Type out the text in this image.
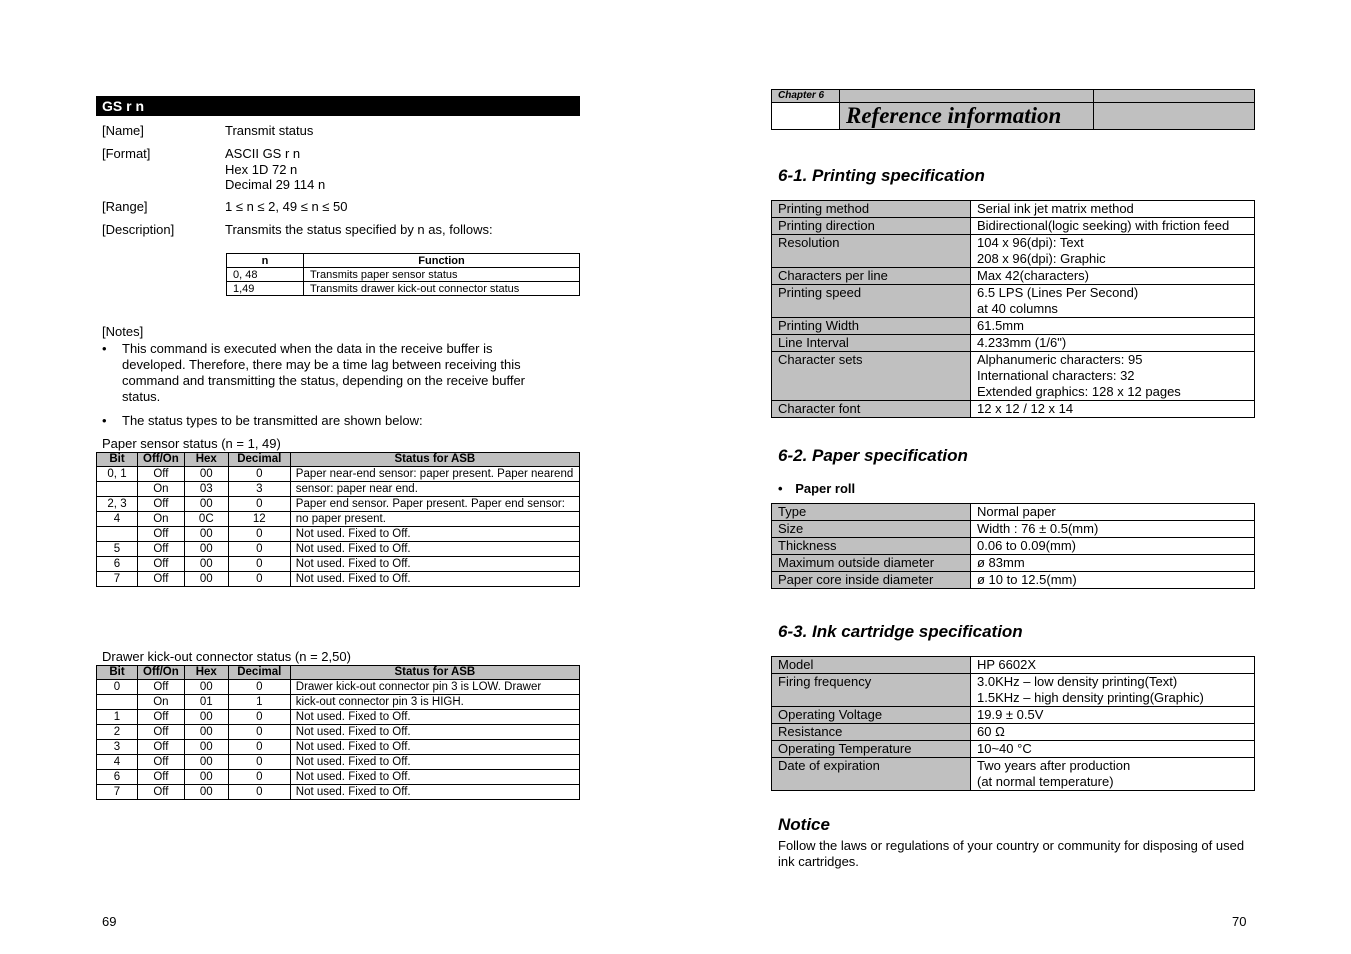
GS r n
[Name]	Transmit status
[Format]	ASCII GS r n
Hex 1D 72 n
Decimal 29 114 n
[Range]	1 ≤ n ≤ 2, 49 ≤ n ≤ 50
[Description]	Transmits the status specified by n as, follows:
n	Function
0, 48	Transmits paper sensor status
1,49	Transmits drawer kick-out connector status
[Notes]
• This command is executed when the data in the receive buffer is developed. Therefore, there may be a time lag between receiving this command and transmitting the status, depending on the receive buffer status.
• The status types to be transmitted are shown below:
Paper sensor status (n = 1, 49)
Bit	Off/On	Hex	Decimal	Status for ASB
0, 1	Off	00	0	Paper near-end sensor: paper present. Paper nearend
	On	03	3	sensor: paper near end.
2, 3	Off	00	0	Paper end sensor. Paper present. Paper end sensor:
4	On	0C	12	no paper present.
	Off	00	0	Not used. Fixed to Off.
5	Off	00	0	Not used. Fixed to Off.
6	Off	00	0	Not used. Fixed to Off.
7	Off	00	0	Not used. Fixed to Off.
Drawer kick-out connector status (n = 2,50)
Bit	Off/On	Hex	Decimal	Status for ASB
0	Off	00	0	Drawer kick-out connector pin 3 is LOW. Drawer
	On	01	1	kick-out connector pin 3 is HIGH.
1	Off	00	0	Not used. Fixed to Off.
2	Off	00	0	Not used. Fixed to Off.
3	Off	00	0	Not used. Fixed to Off.
4	Off	00	0	Not used. Fixed to Off.
6	Off	00	0	Not used. Fixed to Off.
7	Off	00	0	Not used. Fixed to Off.
69
Chapter 6		
	Reference information	
6-1. Printing specification
Printing method	Serial ink jet matrix method

Printing direction	Bidirectional(logic seeking) with friction feed

Resolution	104 x 96(dpi): Text
208 x 96(dpi): Graphic

Characters per line	Max 42(characters)

Printing speed	6.5 LPS (Lines Per Second)
at 40 columns

Printing Width	61.5mm

Line Interval	4.233mm (1/6")

Character sets	Alphanumeric characters: 95
International characters: 32
Extended graphics: 128 x 12 pages

Character font	12 x 12 / 12 x 14
6-2. Paper specification
• Paper roll
Type	Normal paper

Size	Width : 76 ± 0.5(mm)

Thickness	0.06 to 0.09(mm)

Maximum outside diameter	ø 83mm

Paper core inside diameter	ø 10 to 12.5(mm)
6-3. Ink cartridge specification
Model	HP 6602X

Firing frequency	3.0KHz – low density printing(Text)
1.5KHz – high density printing(Graphic)

Operating Voltage	19.9 ± 0.5V

Resistance	60 Ω

Operating Temperature	10~40 °C

Date of expiration	Two years after production
(at normal temperature)
Notice
Follow the laws or regulations of your country or community for disposing of used ink cartridges.
70
